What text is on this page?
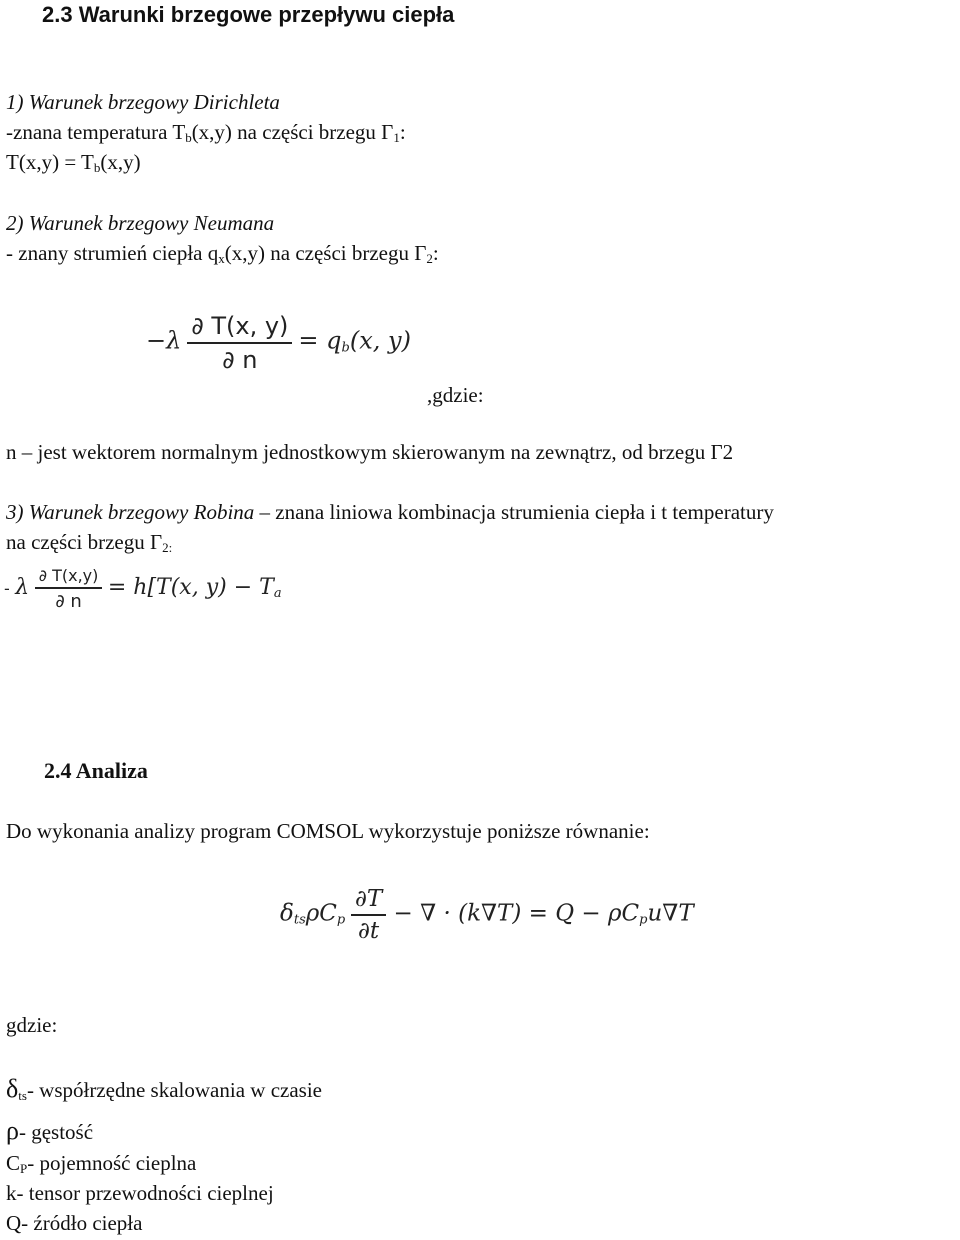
2.3 Warunki brzegowe przepływu ciepła
1) Warunek brzegowy Dirichleta
-znana temperatura $T_b(x,y)$ na części brzegu $\Gamma_1$:
$T(x,y) = T_b(x,y)$
2) Warunek brzegowy Neumana
- znany strumień ciepła $q_x(x,y)$ na części brzegu $\Gamma_2$:
$-\lambda \frac{\partial T(x, y)}{\partial n} = q_b(x$, y)
,gdzie:
n – jest wektorem normalnym jednostkowym skierowanym na zewnątrz, od brzegu Γ2
3) Warunek brzegowy Robina – znana liniowa kombinacja strumienia ciepła i t temperatury
na części brzegu $\Gamma_{2:}$
- λ $\frac{\partial T(x,y)}{\partial n} = h[T(x$, $y) - T_a$
2.4 Analiza
Do wykonania analizy program COMSOL wykorzystuje poniższe równanie:
$\delta_{ts}\rho C_p \frac{\partial T}{\partial t}$ − ∇ · $(k\nabla T) = Q - \rho C_pu\nabla T$
gdzie:
$\delta_{ts}-$ współrzędne skalowania w czasie
ρ- gęstość
$C_P-$ pojemność cieplna
k- tensor przewodności cieplnej
Q- źródło ciepła
